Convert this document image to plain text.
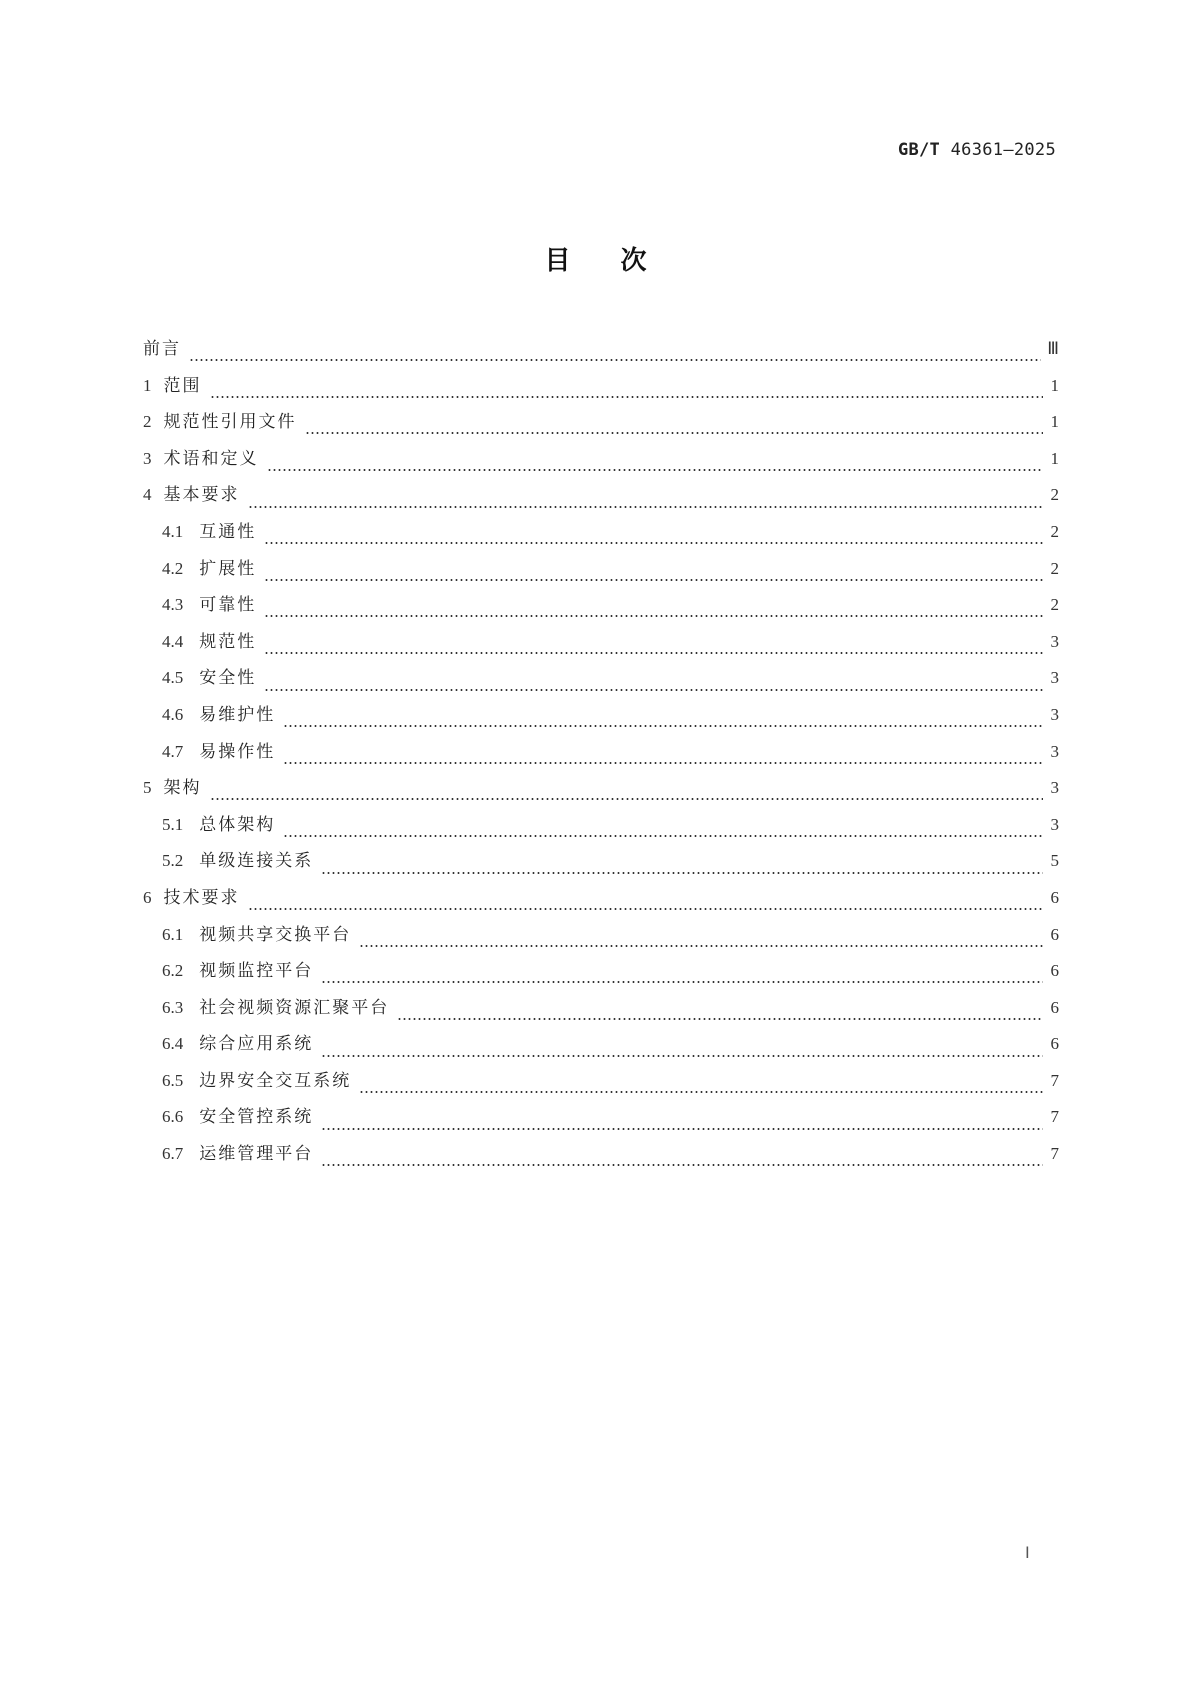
GB/T 46361—2025
目次
前言	Ⅲ
1 范围	1
2 规范性引用文件	1
3 术语和定义	1
4 基本要求	2
4.1 互通性	2
4.2 扩展性	2
4.3 可靠性	2
4.4 规范性	3
4.5 安全性	3
4.6 易维护性	3
4.7 易操作性	3
5 架构	3
5.1 总体架构	3
5.2 单级连接关系	5
6 技术要求	6
6.1 视频共享交换平台	6
6.2 视频监控平台	6
6.3 社会视频资源汇聚平台	6
6.4 综合应用系统	6
6.5 边界安全交互系统	7
6.6 安全管控系统	7
6.7 运维管理平台	7
Ⅰ
